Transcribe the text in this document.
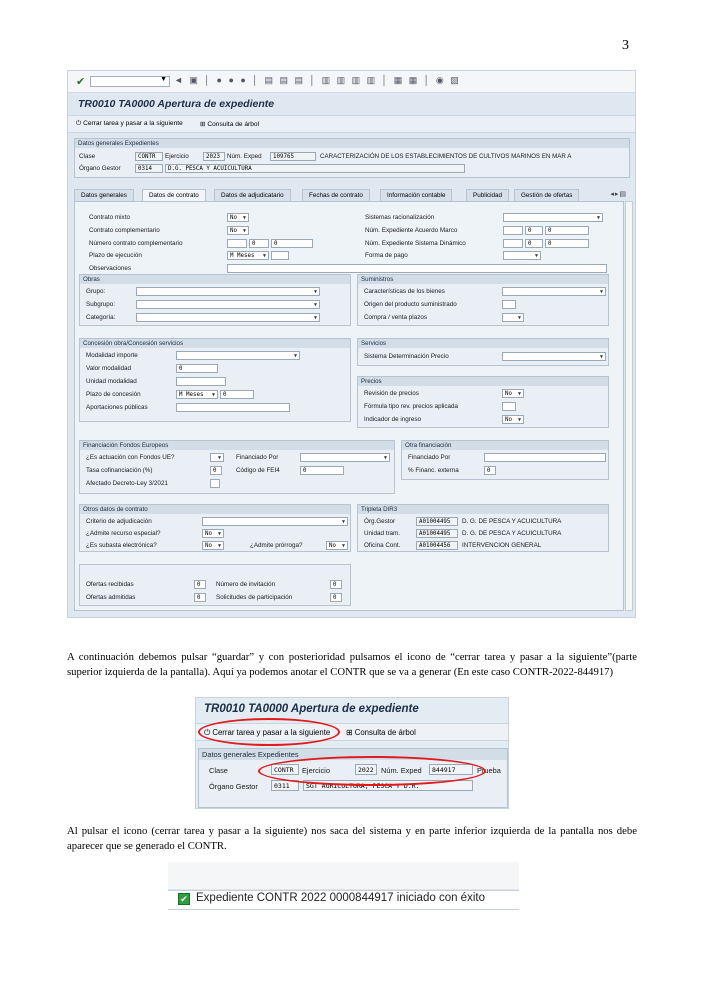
3
✔	▼ ◄ ▣ │ ● ● ● │ ▤ ▤ ▤ │ ▥ ▥ ▥ ▥ │ ▦ ▦ │ ◉ ▧
TR0010 TA0000 Apertura de expediente
⏻ Cerrar tarea y pasar a la siguiente	⊞ Consulta de árbol
Datos generales Expedientes
Clase	CONTR	Ejercicio	2023	Núm. Exped	109765	CARACTERIZACIÓN DE LOS ESTABLECIMIENTOS DE CULTIVOS MARINOS EN MAR A
Órgano Gestor	0314	D.G. PESCA Y ACUICULTURA
Datos generales	Datos de contrato	Datos de adjudicatario	Fechas de contrato	Información contable	Publicidad	Gestión de ofertas	◂▸▤
Contrato mixto	No ▼
Contrato complementario	No ▼
Número contrato complementario	0	0
Plazo de ejecución	M Meses ▼
Observaciones
Sistemas racionalización
▼
Núm. Expediente Acuerdo Marco	0	0
Núm. Expediente Sistema Dinámico	0	0
Forma de pago
▼
Obras
Grupo:
▼
Subgrupo:
▼
Categoría:
▼
Suministros
Características de los bienes
▼
Origen del producto suministrado
Compra / venta plazos
▼
Concesión obra/Concesión servicios
Modalidad importe
▼
Valor modalidad	0
Unidad modalidad
Plazo de concesión	M Meses ▼	0
Aportaciones públicas
Servicios
Sistema Determinación Precio
▼
Precios
Revisión de precios	No ▼
Fórmula tipo rev. precios aplicada
Indicador de ingreso	No ▼
Financiación Fondos Europeos
¿Es actuación con Fondos UE?
▼	Financiado Por
▼
Tasa cofinanciación (%)	0	Código de FEI4	0
Afectado Decreto-Ley 3/2021
Otra financiación
Financiado Por
% Financ. externa	0
Otros datos de contrato
Criterio de adjudicación
▼
¿Admite recurso especial?	No ▼
¿Es subasta electrónica?	No ▼	¿Admite prórroga?	No ▼
Tripleta DIR3
Órg.Gestor	A01004495	D. G. DE PESCA Y ACUICULTURA
Unidad tram.	A01004495	D. G. DE PESCA Y ACUICULTURA
Oficina Cont.	A01004456	INTERVENCION GENERAL
Ofertas recibidas	0	Número de invitación	0
Ofertas admitidas	0	Solicitudes de participación	0
A continuación debemos pulsar “guardar” y con posterioridad pulsamos el icono de “cerrar tarea y pasar a la siguiente”(parte superior izquierda de la pantalla). Aquí ya podemos anotar el CONTR que se va a generar (En este caso CONTR-2022-844917)
TR0010 TA0000 Apertura de expediente
⏻ Cerrar tarea y pasar a la siguiente ⊞ Consulta de árbol
Datos generales Expedientes
Clase	CONTR	Ejercicio	2022 Núm. Exped	844917	Prueba
Órgano Gestor	0311	SGT AGRICULTURA, PESCA Y D.R.
Al pulsar el icono (cerrar tarea y pasar a la siguiente) nos saca del sistema y en parte inferior izquierda de la pantalla nos debe aparecer que se generado el CONTR.
✔ Expediente CONTR 2022 0000844917 iniciado con éxito
